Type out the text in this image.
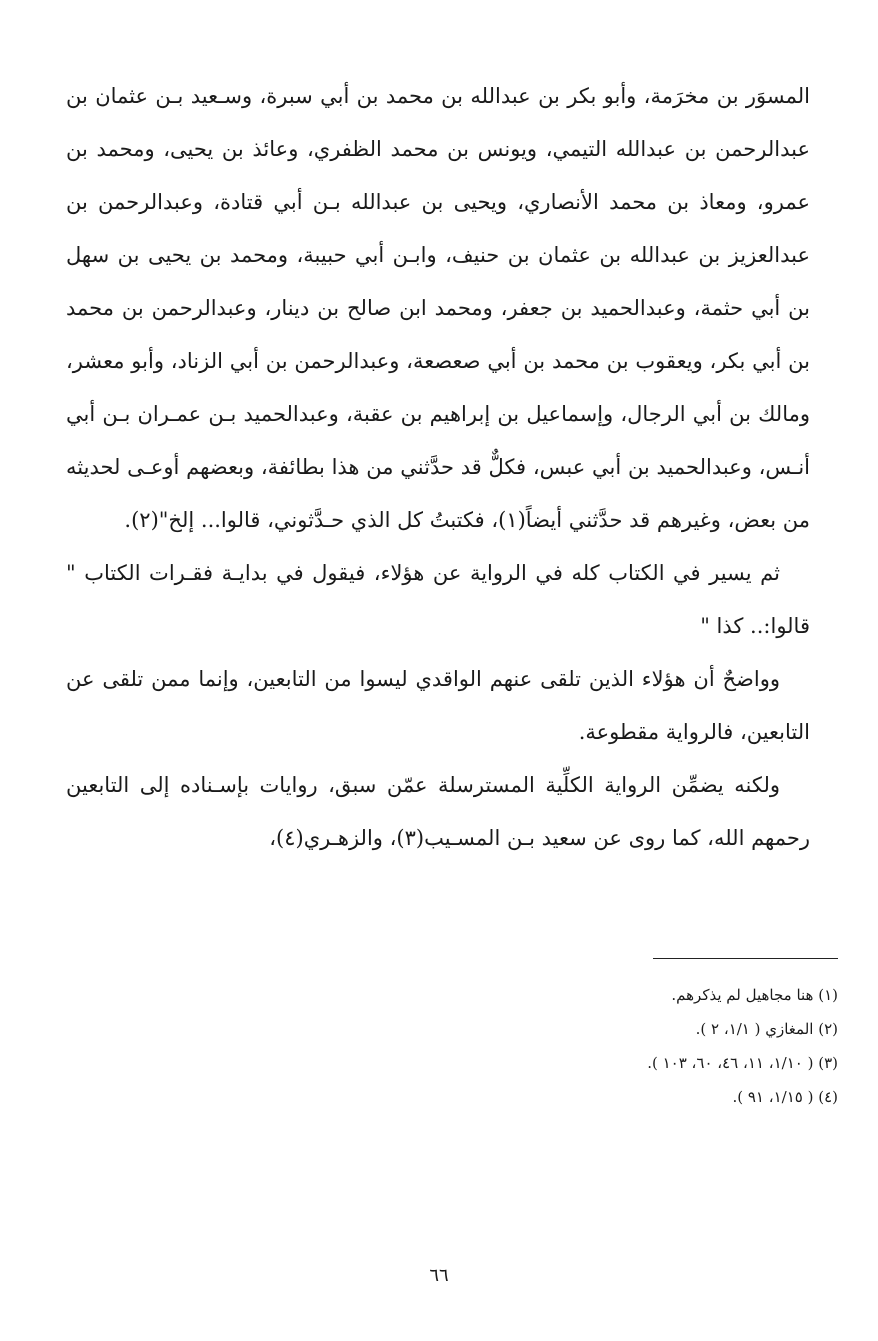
المسوَر بن مخرَمة، وأبو بكر بن عبدالله بن محمد بن أبي سبرة، وسـعيد بـن عثمان بن عبدالرحمن بن عبدالله التيمي، ويونس بن محمد الظفري، وعائذ بن يحيى، ومحمد بن عمرو، ومعاذ بن محمد الأنصاري، ويحيى بن عبدالله بـن أبي قتادة، وعبدالرحمن بن عبدالعزيز بن عبدالله بن عثمان بن حنيف، وابـن أبي حبيبة، ومحمد بن يحيى بن سهل بن أبي حثمة، وعبدالحميد بن جعفر، ومحمد ابن صالح بن دينار، وعبدالرحمن بن محمد بن أبي بكر، ويعقوب بن محمد بن أبي صعصعة، وعبدالرحمن بن أبي الزناد، وأبو معشر، ومالك بن أبي الرجال، وإسماعيل بن إبراهيم بن عقبة، وعبدالحميد بـن عمـران بـن أبي أنـس، وعبدالحميد بن أبي عبس، فكلٌّ قد حدَّثني من هذا بطائفة، وبعضهم أوعـى لحديثه من بعض، وغيرهم قد حدَّثني أيضاً(١)، فكتبتُ كل الذي حـدَّثوني، قالوا... إلخ"(٢).

ثم يسير في الكتاب كله في الرواية عن هؤلاء، فيقول في بدايـة فقـرات الكتاب " قالوا:.. كذا "

وواضحٌ أن هؤلاء الذين تلقى عنهم الواقدي ليسوا من التابعين، وإنما ممن تلقى عن التابعين، فالرواية مقطوعة.

ولكنه يضمِّن الرواية الكلِّية المسترسلة عمّن سبق، روايات بإسـناده إلى التابعين رحمهم الله، كما روى عن سعيد بـن المسـيب(٣)، والزهـري(٤)،

(١) هنا مجاهيل لم يذكرهم.

(٢) المغازي ( ١/١، ٢ ).

(٣) ( ١/١٠، ١١، ٤٦، ٦٠، ١٠٣ ).

(٤) ( ١/١٥، ٩١ ).

٦٦
